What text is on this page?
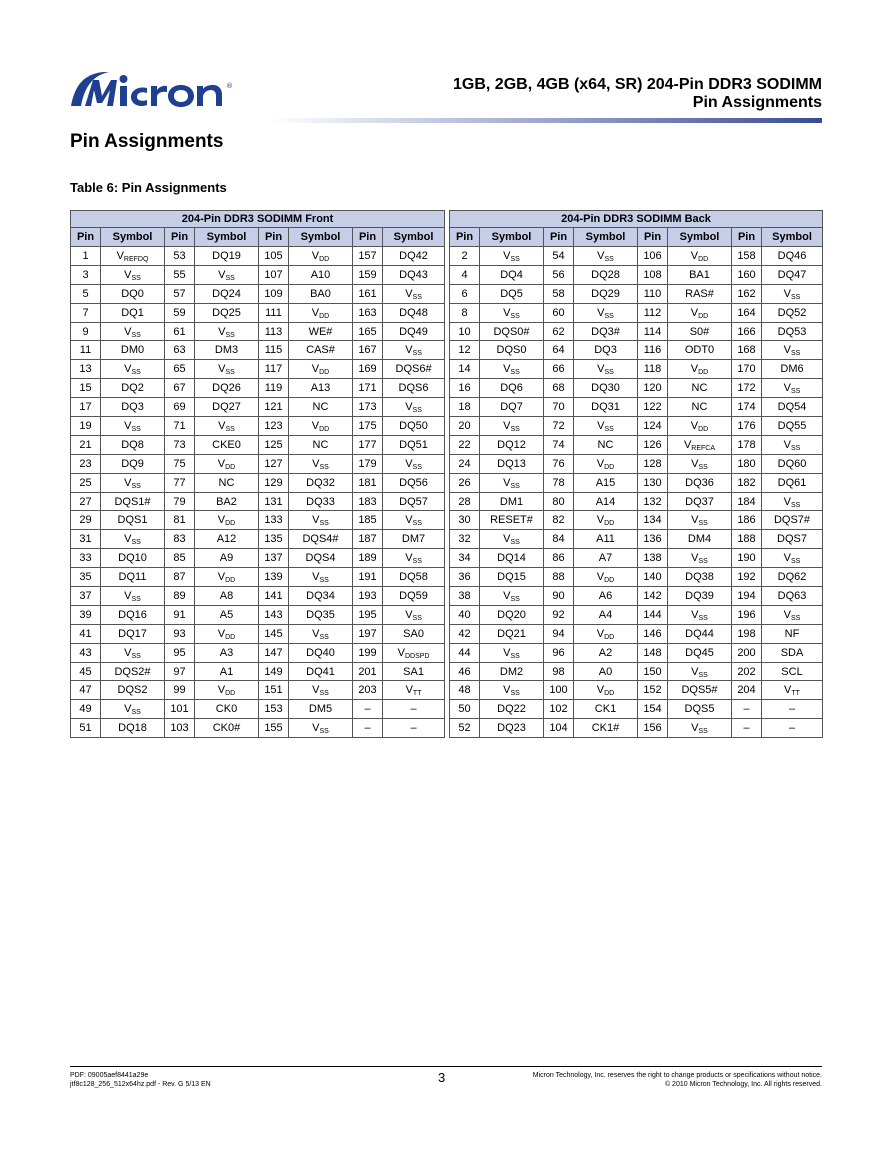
®	1GB, 2GB, 4GB (x64, SR) 204-Pin DDR3 SODIMM
Pin Assignments
Pin Assignments
Table 6: Pin Assignments
204-Pin DDR3 SODIMM Front							
Pin	Symbol	Pin	Symbol	Pin	Symbol	Pin	Symbol
1	$V_{REFDQ}$	53	DQ19	105	$V_{DD}$	157	DQ42
3	$V_{SS}$	55	$V_{SS}$	107	A10	159	DQ43
5	DQ0	57	DQ24	109	BA0	161	$V_{SS}$
7	DQ1	59	DQ25	111	$V_{DD}$	163	DQ48
9	$V_{SS}$	61	$V_{SS}$	113	WE#	165	DQ49
11	DM0	63	DM3	115	CAS#	167	$V_{SS}$
13	$V_{SS}$	65	$V_{SS}$	117	$V_{DD}$	169	DQS6#
15	DQ2	67	DQ26	119	A13	171	DQS6
17	DQ3	69	DQ27	121	NC	173	$V_{SS}$
19	$V_{SS}$	71	$V_{SS}$	123	$V_{DD}$	175	DQ50
21	DQ8	73	CKE0	125	NC	177	DQ51
23	DQ9	75	$V_{DD}$	127	$V_{SS}$	179	$V_{SS}$
25	$V_{SS}$	77	NC	129	DQ32	181	DQ56
27	DQS1#	79	BA2	131	DQ33	183	DQ57
29	DQS1	81	$V_{DD}$	133	$V_{SS}$	185	$V_{SS}$
31	$V_{SS}$	83	A12	135	DQS4#	187	DM7
33	DQ10	85	A9	137	DQS4	189	$V_{SS}$
35	DQ11	87	$V_{DD}$	139	$V_{SS}$	191	DQ58
37	$V_{SS}$	89	A8	141	DQ34	193	DQ59
39	DQ16	91	A5	143	DQ35	195	$V_{SS}$
41	DQ17	93	$V_{DD}$	145	$V_{SS}$	197	SA0
43	$V_{SS}$	95	A3	147	DQ40	199	$V_{DDSPD}$
45	DQS2#	97	A1	149	DQ41	201	SA1
47	DQS2	99	$V_{DD}$	151	$V_{SS}$	203	$V_{TT}$
49	$V_{SS}$	101	CK0	153	DM5	–	–
51	DQ18	103	CK0#	155	$V_{SS}$	–	–
204-Pin DDR3 SODIMM Back							
Pin	Symbol	Pin	Symbol	Pin	Symbol	Pin	Symbol
2	$V_{SS}$	54	$V_{SS}$	106	$V_{DD}$	158	DQ46
4	DQ4	56	DQ28	108	BA1	160	DQ47
6	DQ5	58	DQ29	110	RAS#	162	$V_{SS}$
8	$V_{SS}$	60	$V_{SS}$	112	$V_{DD}$	164	DQ52
10	DQS0#	62	DQ3#	114	S0#	166	DQ53
12	DQS0	64	DQ3	116	ODT0	168	$V_{SS}$
14	$V_{SS}$	66	$V_{SS}$	118	$V_{DD}$	170	DM6
16	DQ6	68	DQ30	120	NC	172	$V_{SS}$
18	DQ7	70	DQ31	122	NC	174	DQ54
20	$V_{SS}$	72	$V_{SS}$	124	$V_{DD}$	176	DQ55
22	DQ12	74	NC	126	$V_{REFCA}$	178	$V_{SS}$
24	DQ13	76	$V_{DD}$	128	$V_{SS}$	180	DQ60
26	$V_{SS}$	78	A15	130	DQ36	182	DQ61
28	DM1	80	A14	132	DQ37	184	$V_{SS}$
30	RESET#	82	$V_{DD}$	134	$V_{SS}$	186	DQS7#
32	$V_{SS}$	84	A11	136	DM4	188	DQS7
34	DQ14	86	A7	138	$V_{SS}$	190	$V_{SS}$
36	DQ15	88	$V_{DD}$	140	DQ38	192	DQ62
38	$V_{SS}$	90	A6	142	DQ39	194	DQ63
40	DQ20	92	A4	144	$V_{SS}$	196	$V_{SS}$
42	DQ21	94	$V_{DD}$	146	DQ44	198	NF
44	$V_{SS}$	96	A2	148	DQ45	200	SDA
46	DM2	98	A0	150	$V_{SS}$	202	SCL
48	$V_{SS}$	100	$V_{DD}$	152	DQS5#	204	$V_{TT}$
50	DQ22	102	CK1	154	DQS5	–	–
52	DQ23	104	CK1#	156	$V_{SS}$	–	–
PDF: 09005aef8441a29e
jtf8c128_256_512x64hz.pdf - Rev. G 5/13 EN	3	Micron Technology, Inc. reserves the right to change products or specifications without notice.
© 2010 Micron Technology, Inc. All rights reserved.
